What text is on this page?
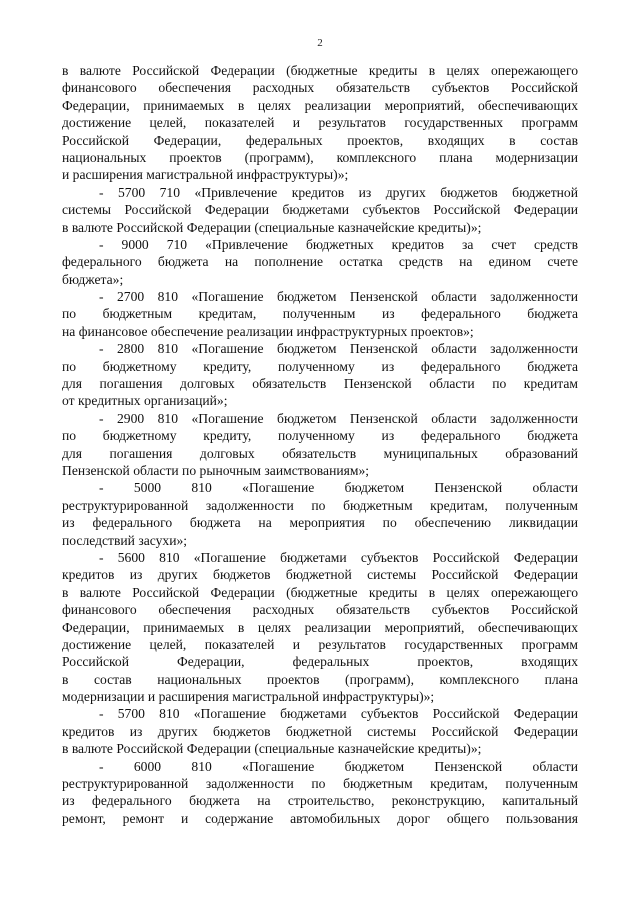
2
в валюте Российской Федерации (бюджетные кредиты в целях опережающего
финансового обеспечения расходных обязательств субъектов Российской
Федерации, принимаемых в целях реализации мероприятий, обеспечивающих
достижение целей, показателей и результатов государственных программ
Российской Федерации, федеральных проектов, входящих в состав
национальных проектов (программ), комплексного плана модернизации
и расширения магистральной инфраструктуры)»;
- 5700 710 «Привлечение кредитов из других бюджетов бюджетной
системы Российской Федерации бюджетами субъектов Российской Федерации
в валюте Российской Федерации (специальные казначейские кредиты)»;
- 9000 710 «Привлечение бюджетных кредитов за счет средств
федерального бюджета на пополнение остатка средств на едином счете
бюджета»;
- 2700 810 «Погашение бюджетом Пензенской области задолженности
по бюджетным кредитам, полученным из федерального бюджета
на финансовое обеспечение реализации инфраструктурных проектов»;
- 2800 810 «Погашение бюджетом Пензенской области задолженности
по бюджетному кредиту, полученному из федерального бюджета
для погашения долговых обязательств Пензенской области по кредитам
от кредитных организаций»;
- 2900 810 «Погашение бюджетом Пензенской области задолженности
по бюджетному кредиту, полученному из федерального бюджета
для погашения долговых обязательств муниципальных образований
Пензенской области по рыночным заимствованиям»;
- 5000 810 «Погашение бюджетом Пензенской области
реструктурированной задолженности по бюджетным кредитам, полученным
из федерального бюджета на мероприятия по обеспечению ликвидации
последствий засухи»;
- 5600 810 «Погашение бюджетами субъектов Российской Федерации
кредитов из других бюджетов бюджетной системы Российской Федерации
в валюте Российской Федерации (бюджетные кредиты в целях опережающего
финансового обеспечения расходных обязательств субъектов Российской
Федерации, принимаемых в целях реализации мероприятий, обеспечивающих
достижение целей, показателей и результатов государственных программ
Российской Федерации, федеральных проектов, входящих
в состав национальных проектов (программ), комплексного плана
модернизации и расширения магистральной инфраструктуры)»;
- 5700 810 «Погашение бюджетами субъектов Российской Федерации
кредитов из других бюджетов бюджетной системы Российской Федерации
в валюте Российской Федерации (специальные казначейские кредиты)»;
- 6000 810 «Погашение бюджетом Пензенской области
реструктурированной задолженности по бюджетным кредитам, полученным
из федерального бюджета на строительство, реконструкцию, капитальный
ремонт, ремонт и содержание автомобильных дорог общего пользования
